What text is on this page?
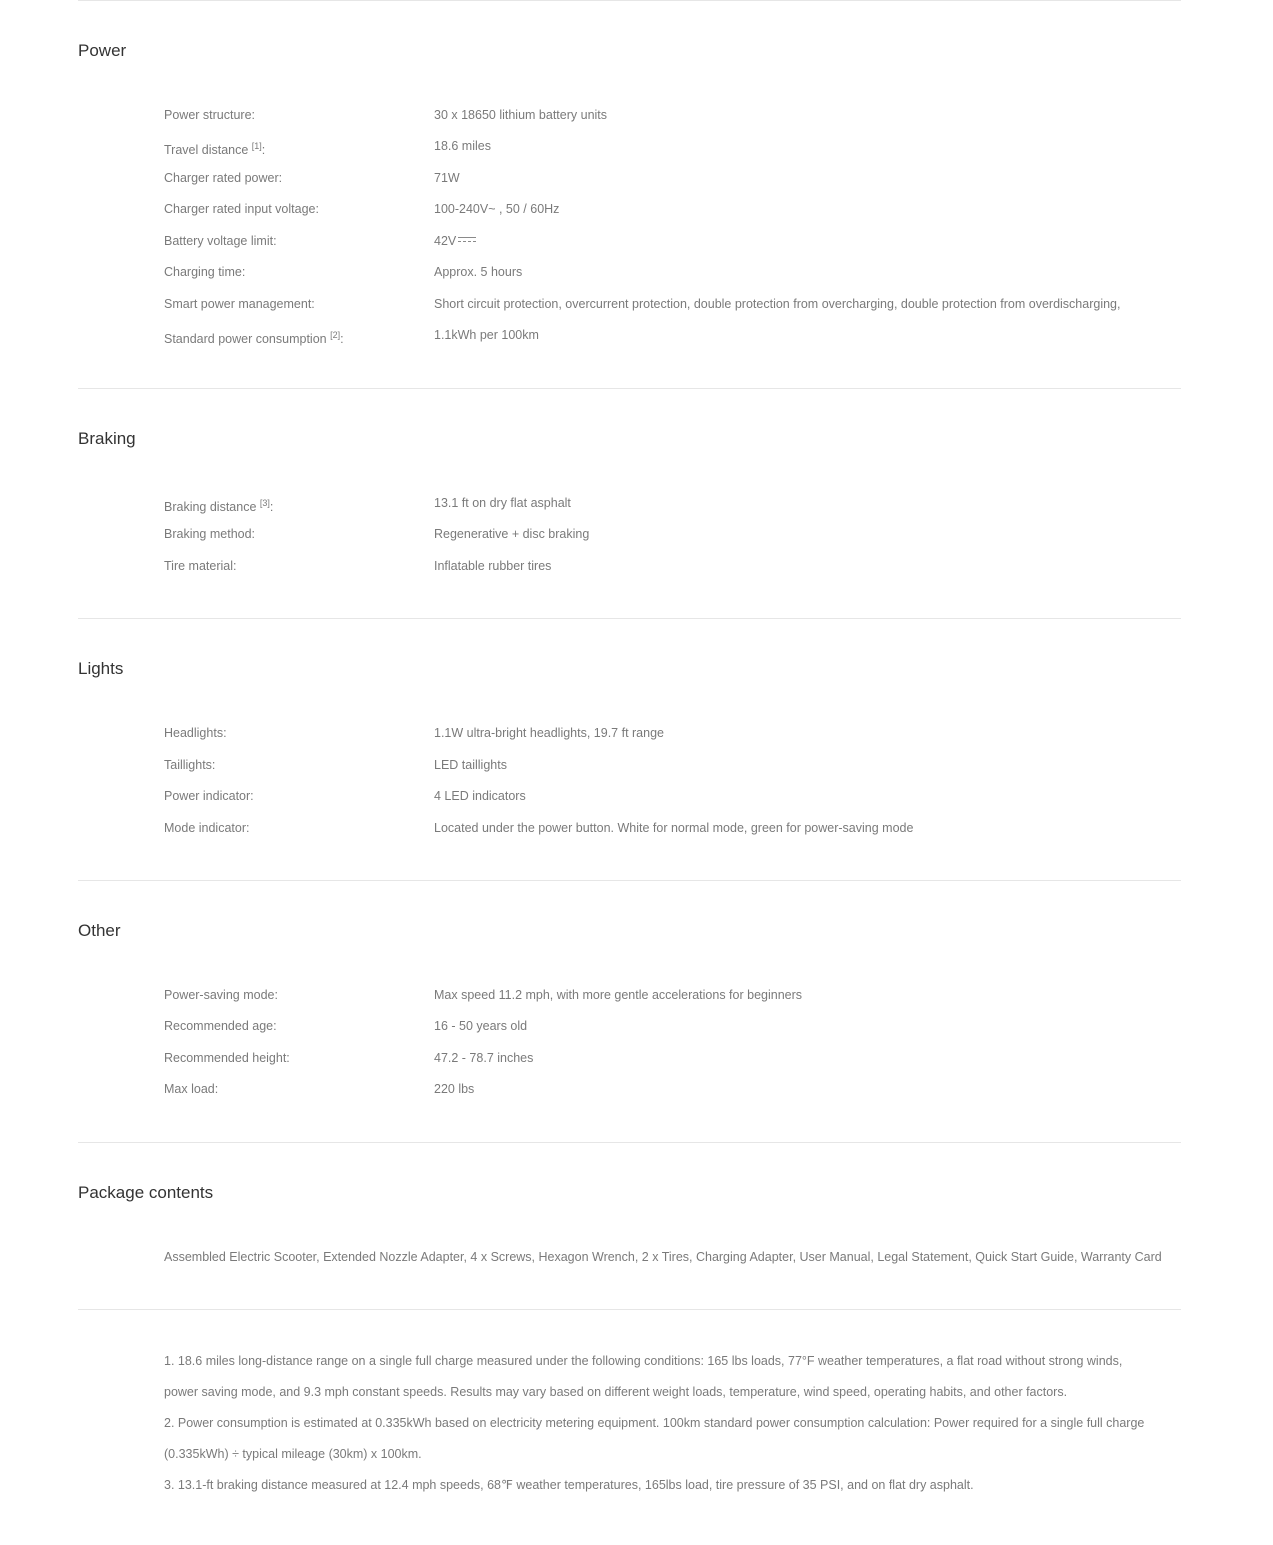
Power
Power structure:	30 x 18650 lithium battery units
Travel distance [1]:	18.6 miles
Charger rated power:	71W
Charger rated input voltage:	100-240V~ , 50 / 60Hz
Battery voltage limit:	42V
Charging time:	Approx. 5 hours
Smart power management:	Short circuit protection, overcurrent protection, double protection from overcharging, double protection from overdischarging,
Standard power consumption [2]:	1.1kWh per 100km
Braking
Braking distance [3]:	13.1 ft on dry flat asphalt
Braking method:	Regenerative + disc braking
Tire material:	Inflatable rubber tires
Lights
Headlights:	1.1W ultra-bright headlights, 19.7 ft range
Taillights:	LED taillights
Power indicator:	4 LED indicators
Mode indicator:	Located under the power button. White for normal mode, green for power-saving mode
Other
Power-saving mode:	Max speed 11.2 mph, with more gentle accelerations for beginners
Recommended age:	16 - 50 years old
Recommended height:	47.2 - 78.7 inches
Max load:	220 lbs
Package contents
Assembled Electric Scooter, Extended Nozzle Adapter, 4 x Screws, Hexagon Wrench, 2 x Tires, Charging Adapter, User Manual, Legal Statement, Quick Start Guide, Warranty Card

1. 18.6 miles long-distance range on a single full charge measured under the following conditions: 165 lbs loads, 77°F weather temperatures, a flat road without strong winds, power saving mode, and 9.3 mph constant speeds. Results may vary based on different weight loads, temperature, wind speed, operating habits, and other factors.

2. Power consumption is estimated at 0.335kWh based on electricity metering equipment. 100km standard power consumption calculation: Power required for a single full charge (0.335kWh) ÷ typical mileage (30km) x 100km.

3. 13.1-ft braking distance measured at 12.4 mph speeds, 68℉ weather temperatures, 165lbs load, tire pressure of 35 PSI, and on flat dry asphalt.
